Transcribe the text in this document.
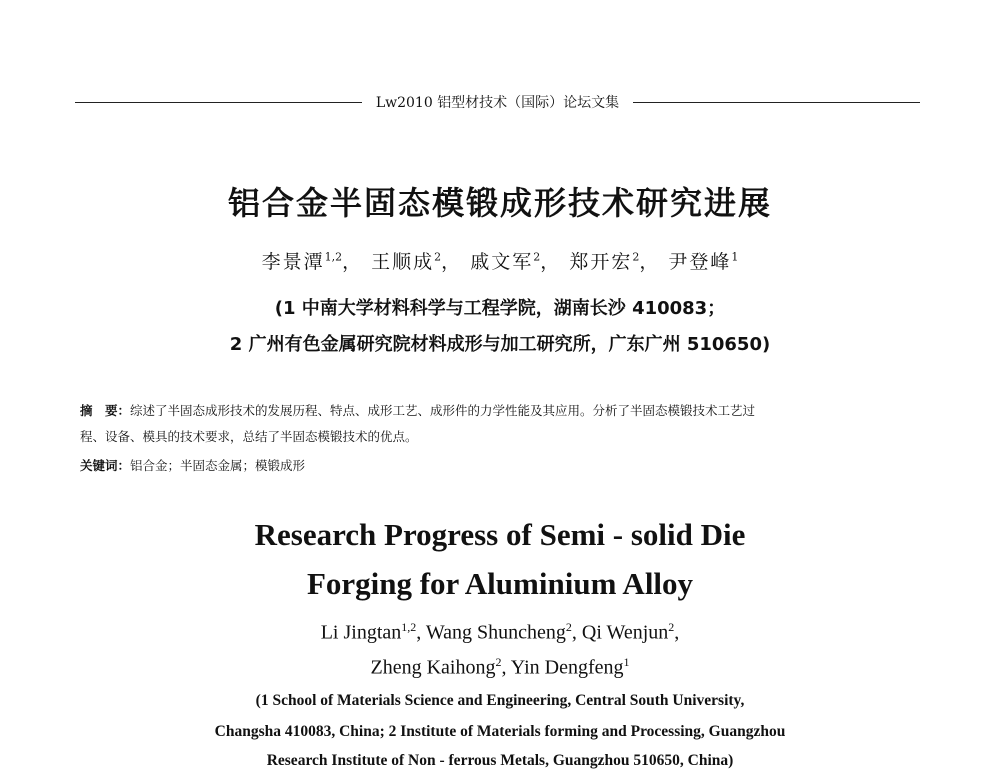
Lw2010 铝型材技术（国际）论坛文集
铝合金半固态模锻成形技术研究进展
李景潭$^{1,2}$， 王顺成$^2$， 戚文军$^2$， 郑开宏$^2$， 尹登峰$^1$
(1 中南大学材料科学与工程学院，湖南长沙 410083；
2 广州有色金属研究院材料成形与加工研究所，广东广州 510650)
摘　要：综述了半固态成形技术的发展历程、特点、成形工艺、成形件的力学性能及其应用。分析了半固态模锻技术工艺过
程、设备、模具的技术要求，总结了半固态模锻技术的优点。
关键词：铝合金；半固态金属；模锻成形
Research Progress of Semi - solid Die
Forging for Aluminium Alloy
Li Jingtan$^{1,2}$, Wang Shuncheng$^2$, Qi Wenjun$^2$,
Zheng Kaihong$^2$, Yin Dengfeng$^1$
(1 School of Materials Science and Engineering, Central South University,
Changsha 410083, China; 2 Institute of Materials forming and Processing, Guangzhou
Research Institute of Non - ferrous Metals, Guangzhou 510650, China)
